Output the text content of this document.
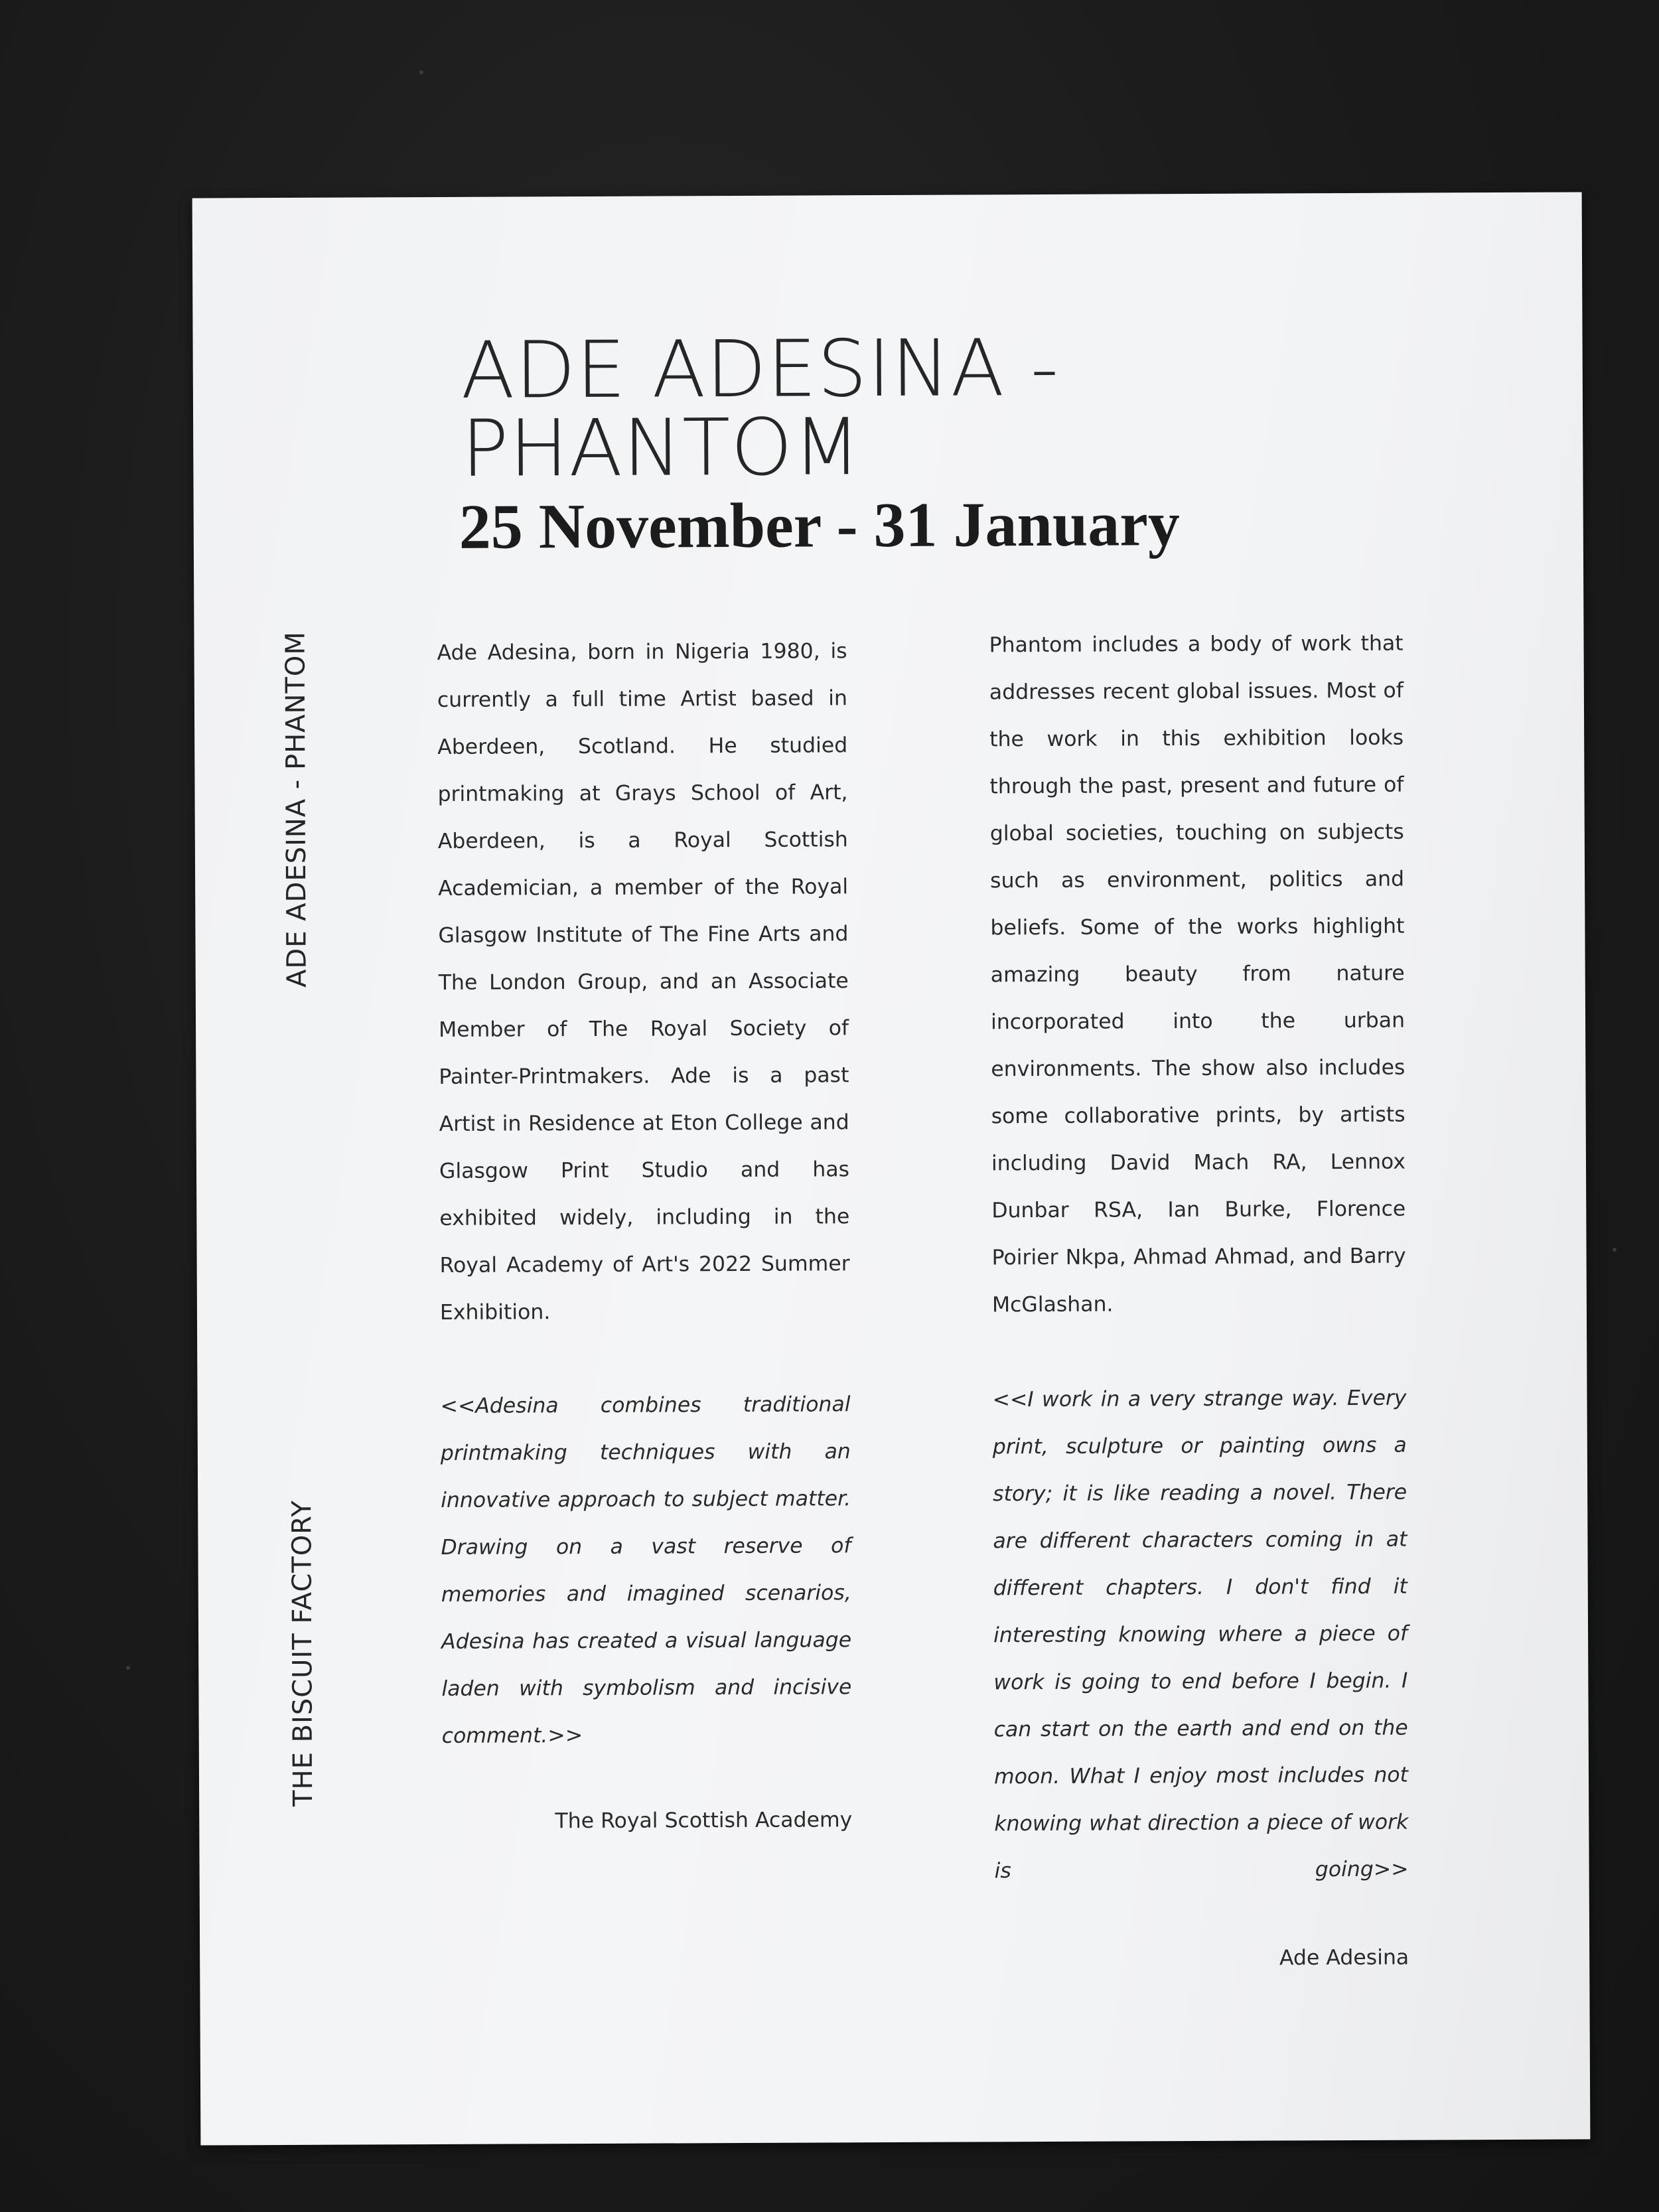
ADE ADESINA -
PHANTOM
25 November - 31 January
ADE ADESINA - PHANTOM
THE BISCUIT FACTORY

Ade Adesina, born in Nigeria 1980, is currently a full time Artist based in Aberdeen, Scotland. He studied printmaking at Grays School of Art, Aberdeen, is a Royal Scottish Academician, a member of the Royal Glasgow Institute of The Fine Arts and The London Group, and an Associate Member of The Royal Society of Painter-Printmakers. Ade is a past Artist in Residence at Eton College and Glasgow Print Studio and has exhibited widely, including in the Royal Academy of Art's 2022 Summer Exhibition.

<<Adesina combines traditional printmaking techniques with an innovative approach to subject matter. Drawing on a vast reserve of memories and imagined scenarios, Adesina has created a visual language laden with symbolism and incisive comment.>>

The Royal Scottish Academy

Phantom includes a body of work that addresses recent global issues. Most of the work in this exhibition looks through the past, present and future of global societies, touching on subjects such as environment, politics and beliefs. Some of the works highlight amazing beauty from nature incorporated into the urban environments. The show also includes some collaborative prints, by artists including David Mach RA, Lennox Dunbar RSA, Ian Burke, Florence Poirier Nkpa, Ahmad Ahmad, and Barry McGlashan.

<<I work in a very strange way. Every print, sculpture or painting owns a story; it is like reading a novel. There are different characters coming in at different chapters. I don't find it interesting knowing where a piece of work is going to end before I begin. I can start on the earth and end on the moon. What I enjoy most includes not knowing what direction a piece of work is going>>

Ade Adesina
